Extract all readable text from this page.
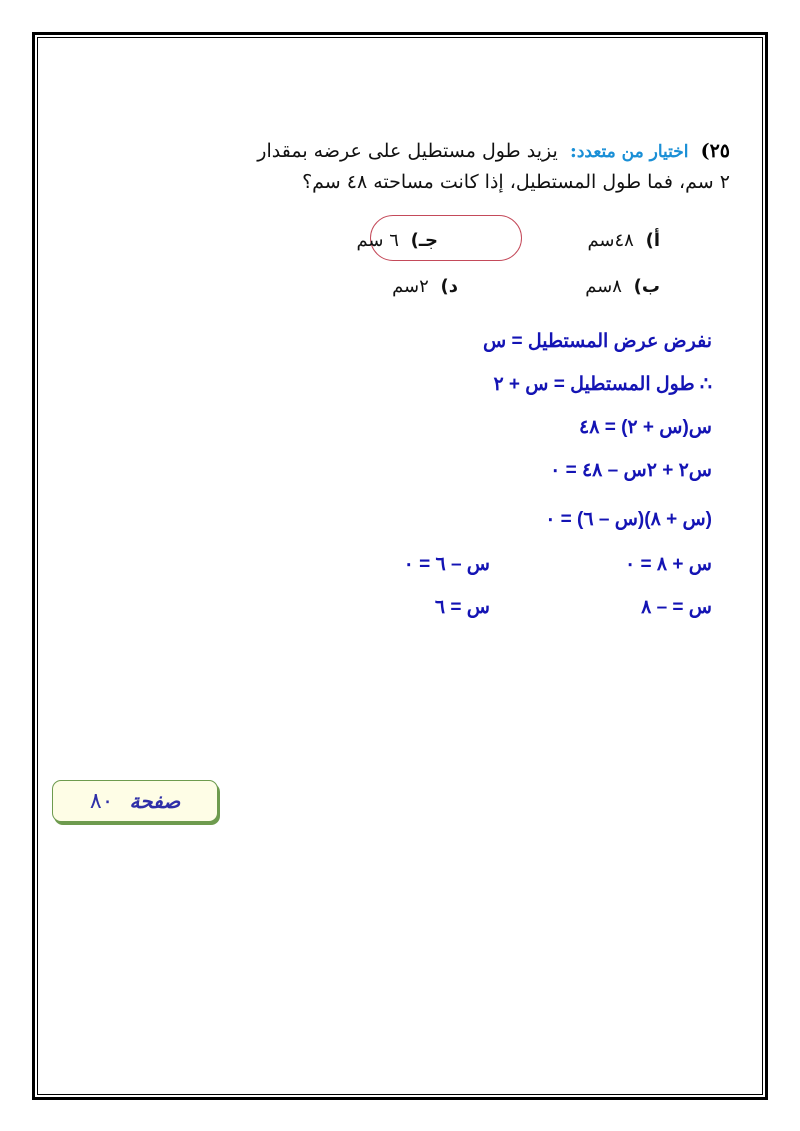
٢٥) اختيار من متعدد: يزيد طول مستطيل على عرضه بمقدار
٢ سم، فما طول المستطيل، إذا كانت مساحته ٤٨ سم؟
أ) ٤٨سم
جـ) ٦ سم
ب) ٨سم
د) ٢سم
نفرض عرض المستطيل = س
∴ طول المستطيل = س + ٢
س(س + ٢) = ٤٨
س٢ + ٢س – ٤٨ = ٠
(س + ٨)(س – ٦) = ٠
س + ٨ = ٠
س – ٦ = ٠
س = – ٨
س = ٦
صفحة
٨٠
